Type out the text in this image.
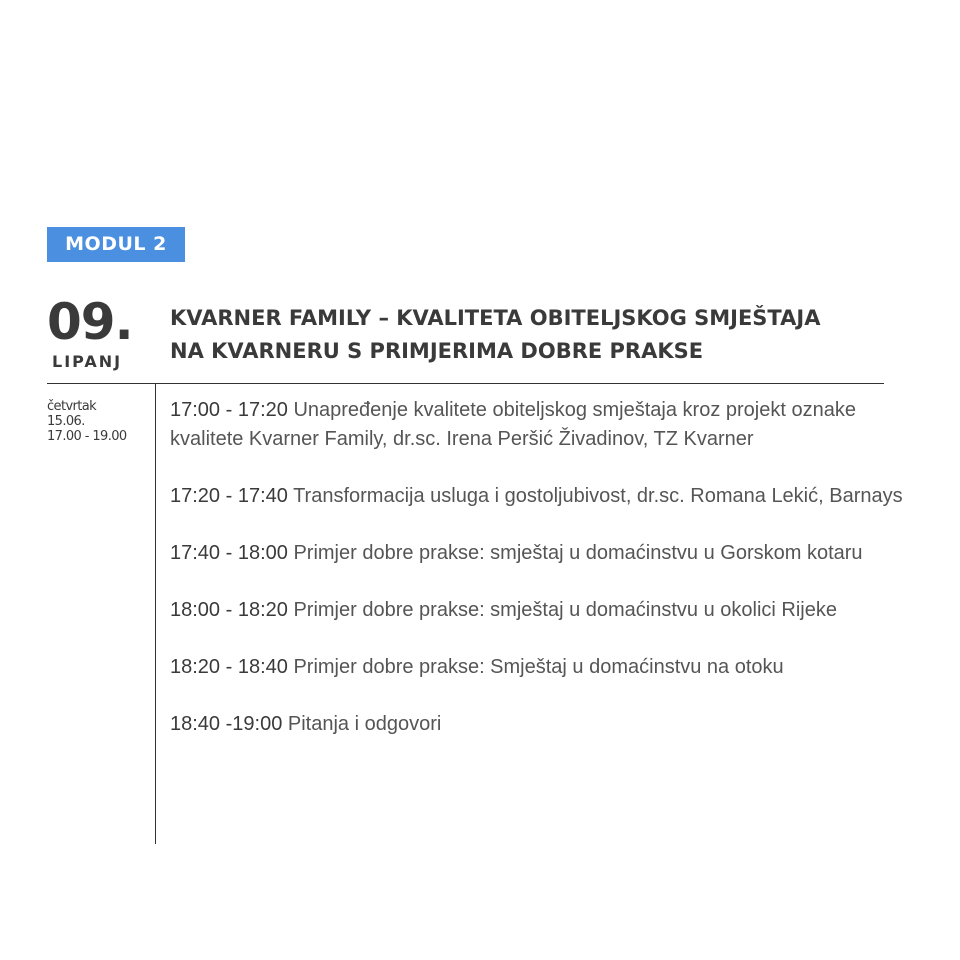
MODUL 2
09.
LIPANJ
KVARNER FAMILY – KVALITETA OBITELJSKOG SMJEŠTAJA
NA KVARNERU S PRIMJERIMA DOBRE PRAKSE
četvrtak
15.06.
17.00 - 19.00
17:00 - 17:20 Unapređenje kvalitete obiteljskog smještaja kroz projekt oznake kvalitete Kvarner Family, dr.sc. Irena Peršić Živadinov, TZ Kvarner
17:20 - 17:40 Transformacija usluga i gostoljubivost, dr.sc. Romana Lekić, Barnays
17:40 - 18:00 Primjer dobre prakse: smještaj u domaćinstvu u Gorskom kotaru
18:00 - 18:20 Primjer dobre prakse: smještaj u domaćinstvu u okolici Rijeke
18:20 - 18:40 Primjer dobre prakse: Smještaj u domaćinstvu na otoku
18:40 -19:00 Pitanja i odgovori
